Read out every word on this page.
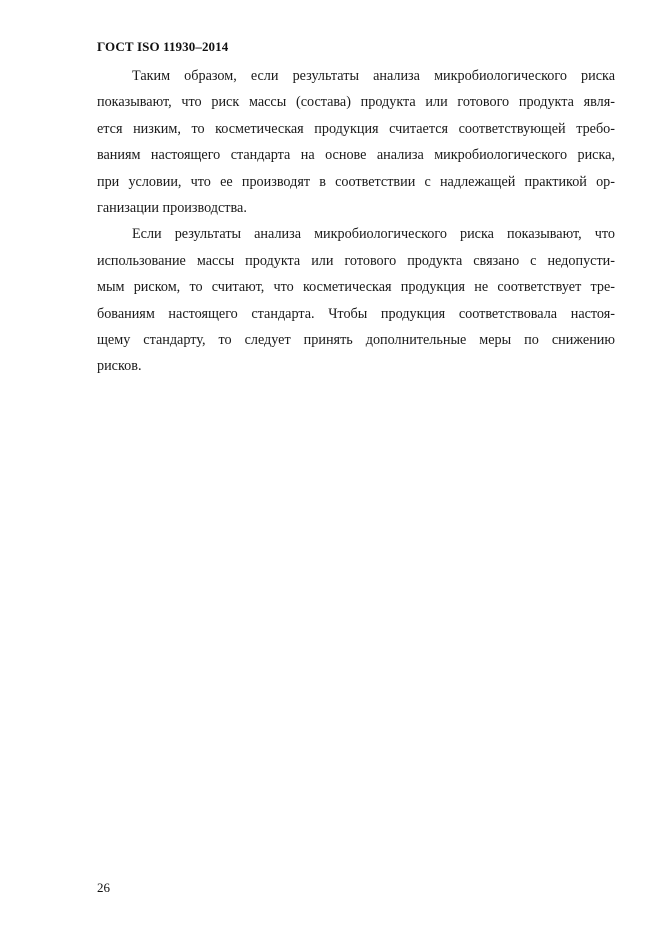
ГОСТ ISO 11930–2014
Таким образом, если результаты анализа микробиологического риска
показывают, что риск массы (состава) продукта или готового продукта явля-
ется низким, то косметическая продукция считается соответствующей требо-
ваниям настоящего стандарта на основе анализа микробиологического риска,
при условии, что ее производят в соответствии с надлежащей практикой ор-
ганизации производства.
Если результаты анализа микробиологического риска показывают, что
использование массы продукта или готового продукта связано с недопусти-
мым риском, то считают, что косметическая продукция не соответствует тре-
бованиям настоящего стандарта. Чтобы продукция соответствовала настоя-
щему стандарту, то следует принять дополнительные меры по снижению
рисков.
26
